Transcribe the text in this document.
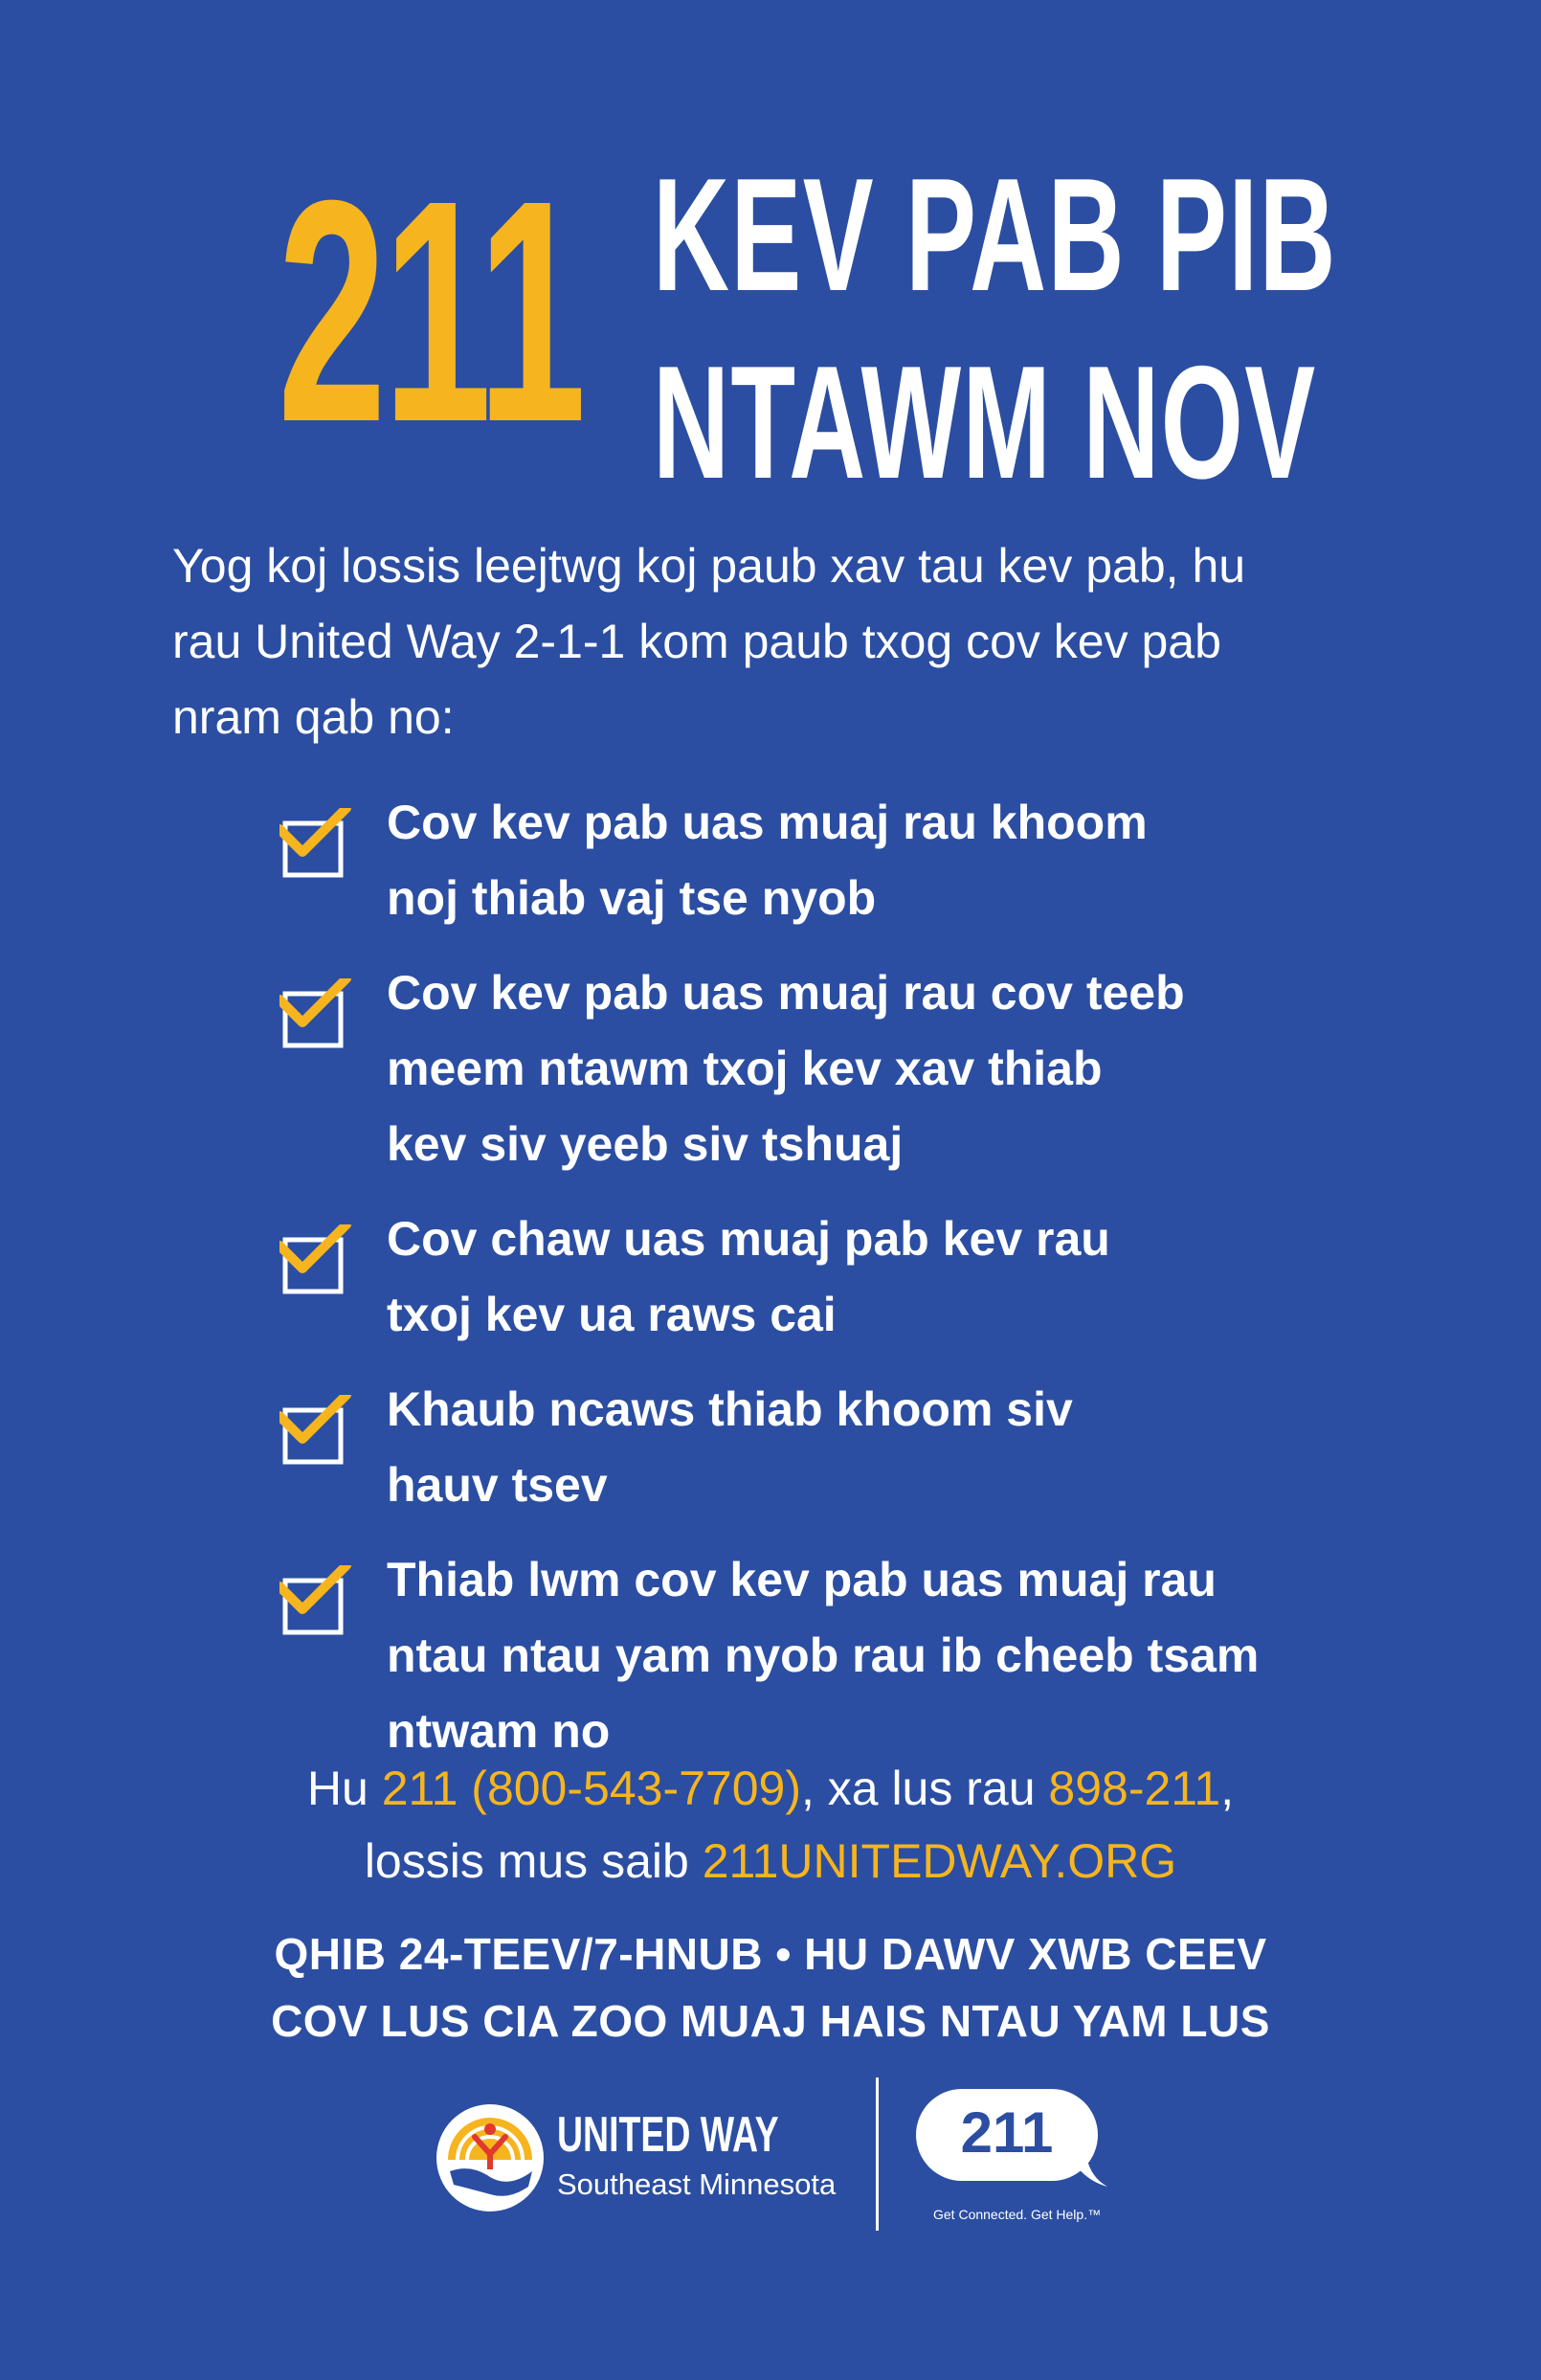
211 KEV PAB PIB
NTAWM NOV
Yog koj lossis leejtwg koj paub xav tau kev pab, hu
rau United Way 2-1-1 kom paub txog cov kev pab
nram qab no:
Cov kev pab uas muaj rau khoom
noj thiab vaj tse nyob
Cov kev pab uas muaj rau cov teeb
meem ntawm txoj kev xav thiab
kev siv yeeb siv tshuaj
Cov chaw uas muaj pab kev rau
txoj kev ua raws cai
Khaub ncaws thiab khoom siv
hauv tsev
Thiab lwm cov kev pab uas muaj rau
ntau ntau yam nyob rau ib cheeb tsam
ntwam no
Hu 211 (800-543-7709), xa lus rau 898-211,
lossis mus saib 211UNITEDWAY.ORG
QHIB 24-TEEV/7-HNUB • HU DAWV XWB CEEV
COV LUS CIA ZOO MUAJ HAIS NTAU YAM LUS
UNITED WAY
Southeast Minnesota
211
Get Connected. Get Help.™
